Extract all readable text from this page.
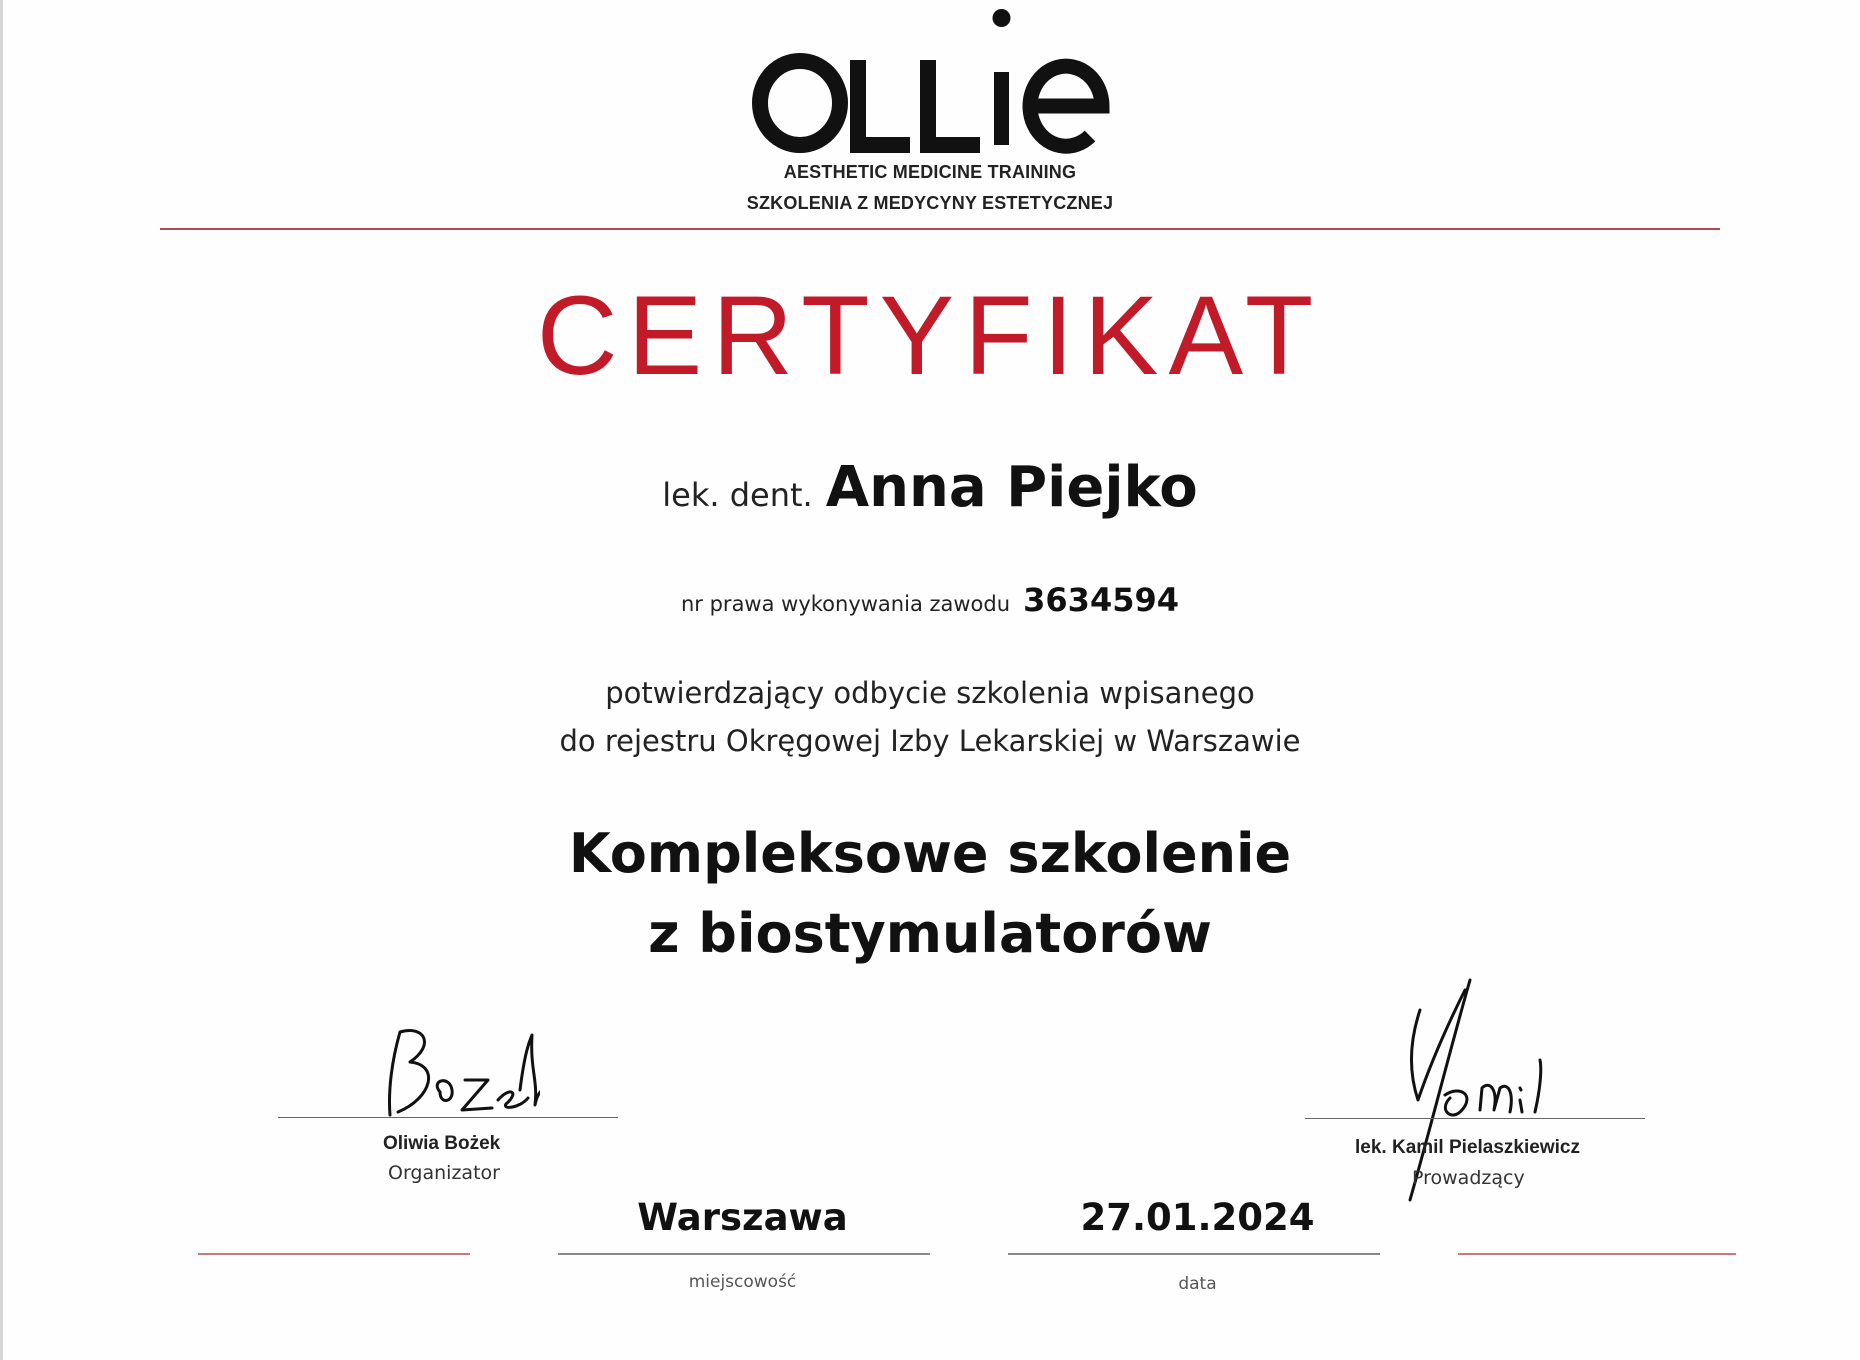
AESTHETIC MEDICINE TRAINING
SZKOLENIA Z MEDYCYNY ESTETYCZNEJ
CERTYFIKAT
lek. dent. Anna Piejko
nr prawa wykonywania zawodu 3634594
potwierdzający odbycie szkolenia wpisanego
do rejestru Okręgowej Izby Lekarskiej w Warszawie
Kompleksowe szkolenie
z biostymulatorów
Oliwia Bożek
Organizator
lek. Kamil Pielaszkiewicz
Prowadzący
Warszawa	27.01.2024
miejscowość	data
